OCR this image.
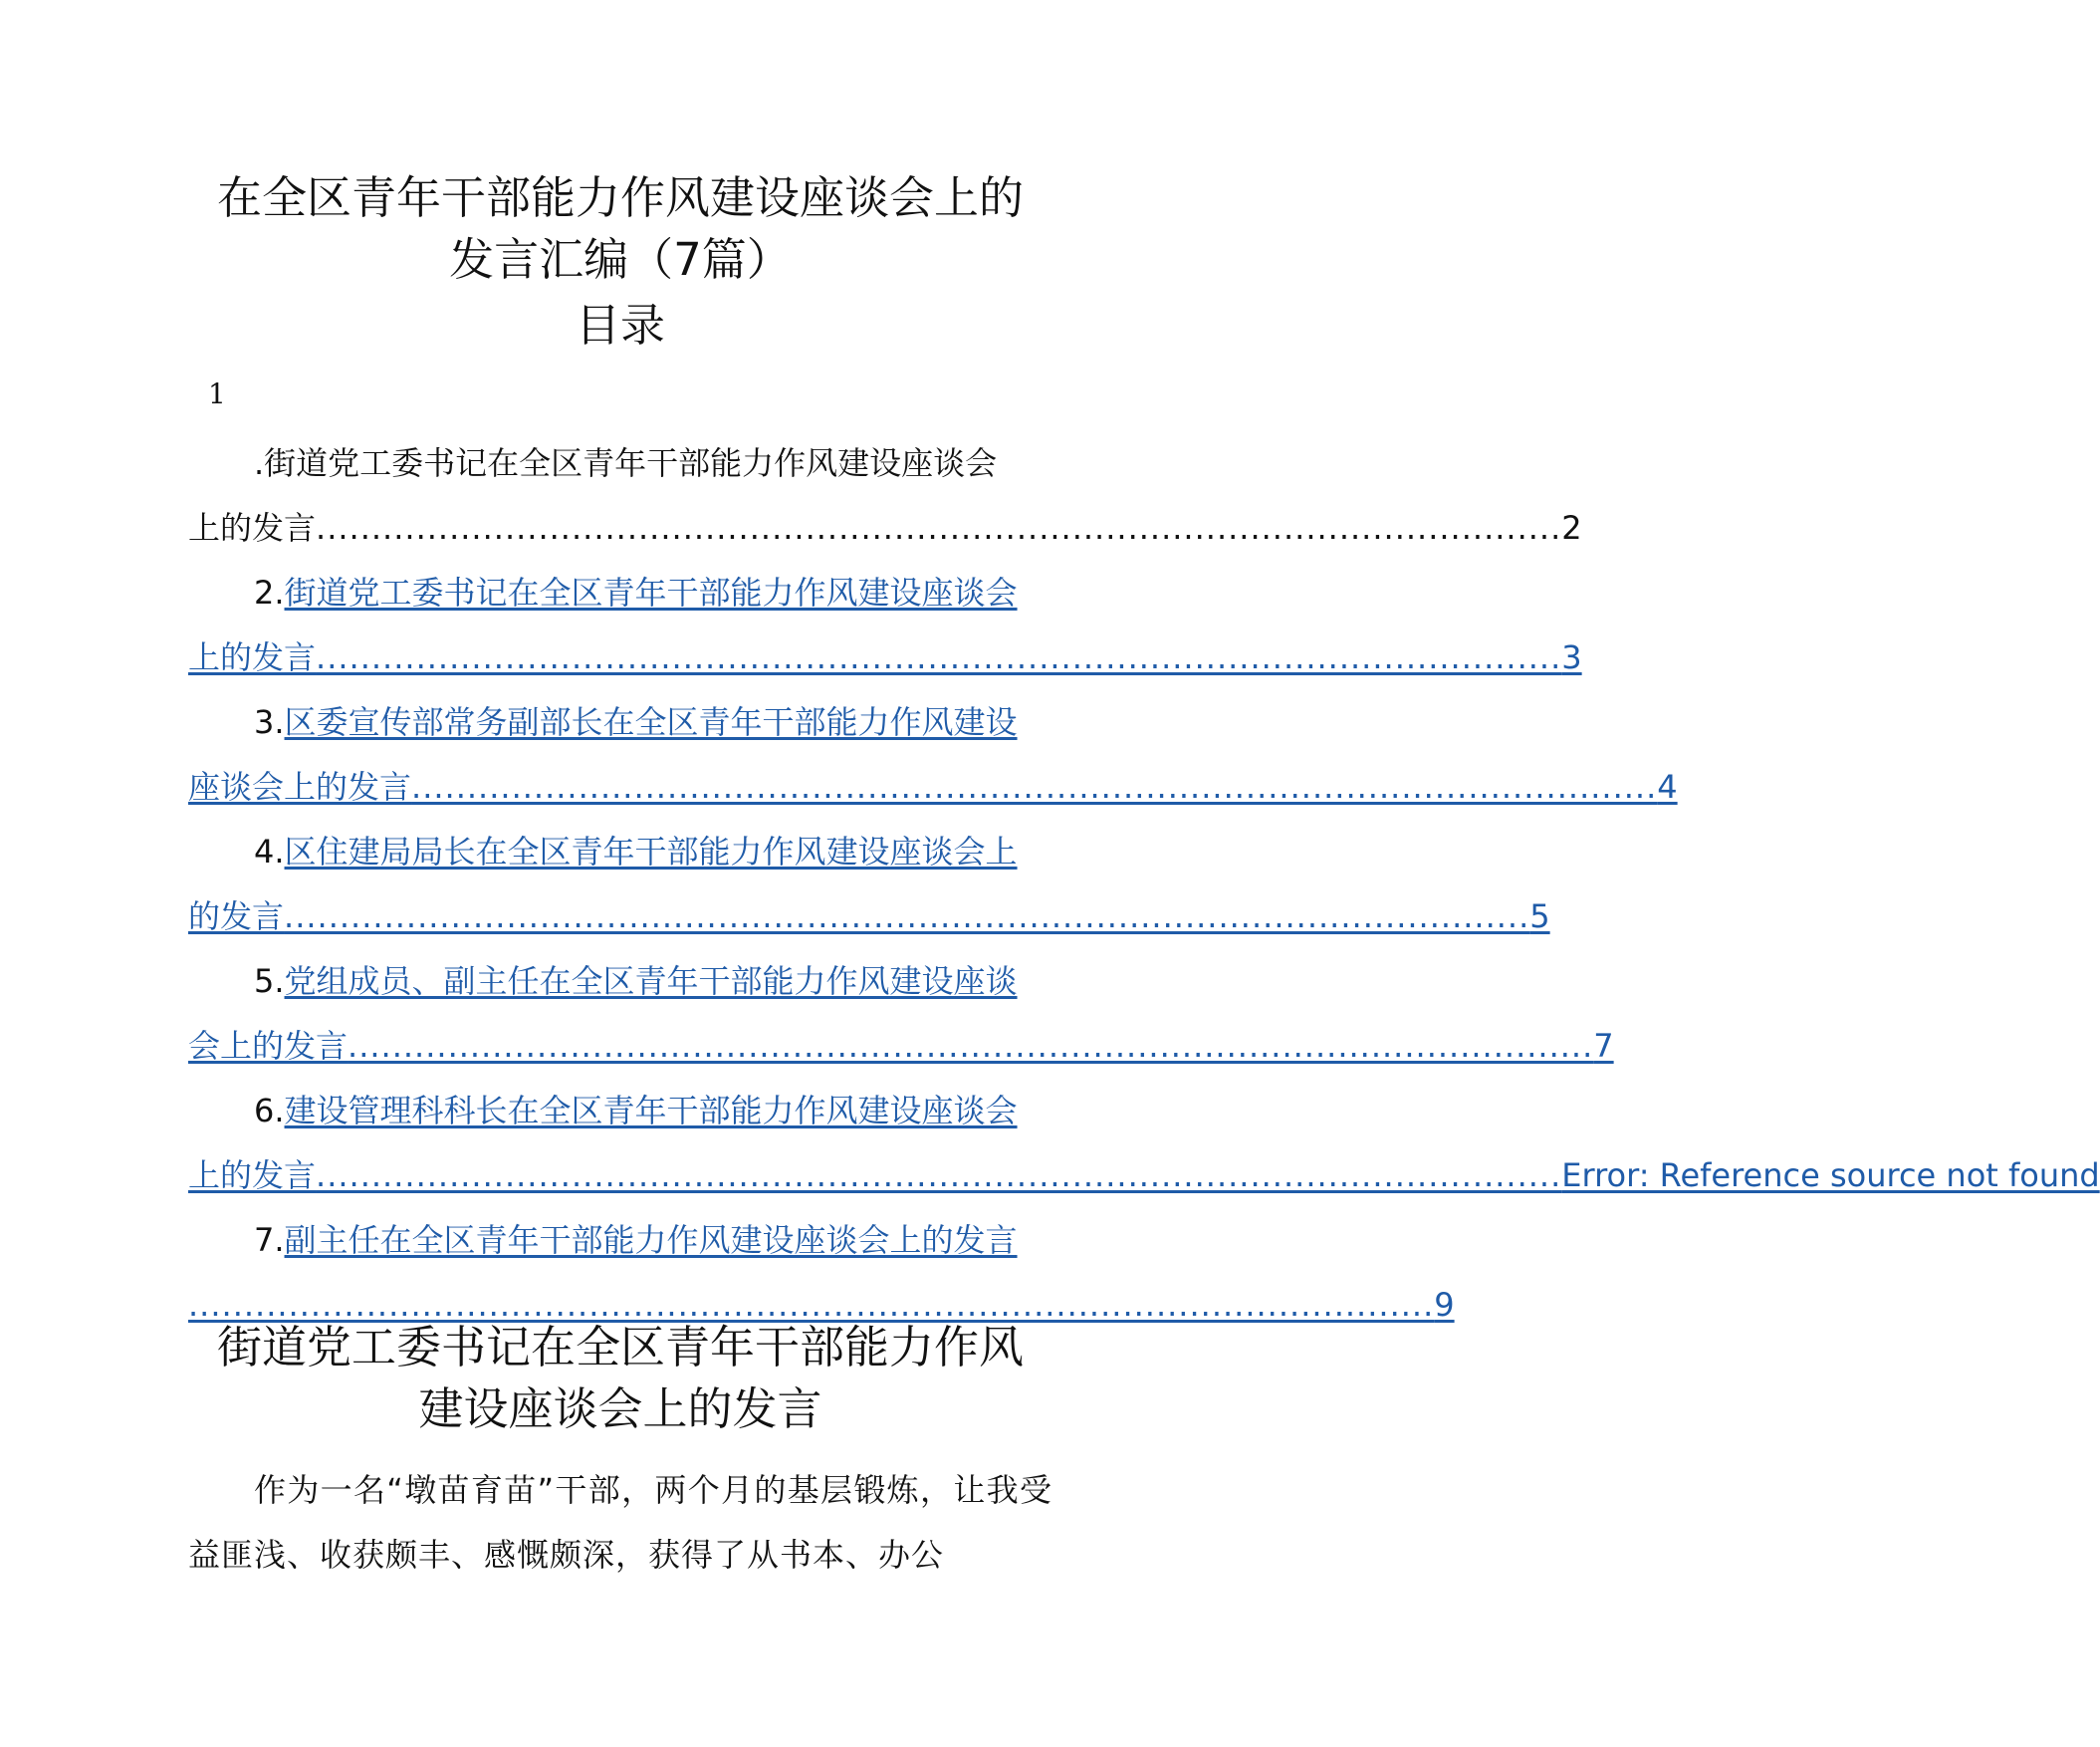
在全区青年干部能力作风建设座谈会上的
发言汇编（7篇）
目录
1

.街道党工委书记在全区青年干部能力作风建设座谈会
上的发言 ................................................................................................................ 2

2.街道党工委书记在全区青年干部能力作风建设座谈会
上的发言 ................................................................................................................ 3

3.区委宣传部常务副部长在全区青年干部能力作风建设
座谈会上的发言 ................................................................................................................ 4

4.区住建局局长在全区青年干部能力作风建设座谈会上
的发言 ................................................................................................................ 5

5.党组成员、副主任在全区青年干部能力作风建设座谈
会上的发言 ................................................................................................................ 7

6.建设管理科科长在全区青年干部能力作风建设座谈会
上的发言 ................................................................................................................ Error: Reference source not found

7.副主任在全区青年干部能力作风建设座谈会上的发言
................................................................................................................ 9

街道党工委书记在全区青年干部能力作风
建设座谈会上的发言

作为一名“墩苗育苗”干部，两个月的基层锻炼，让我受益匪浅、收获颇丰、感慨颇深，获得了从书本、办公
